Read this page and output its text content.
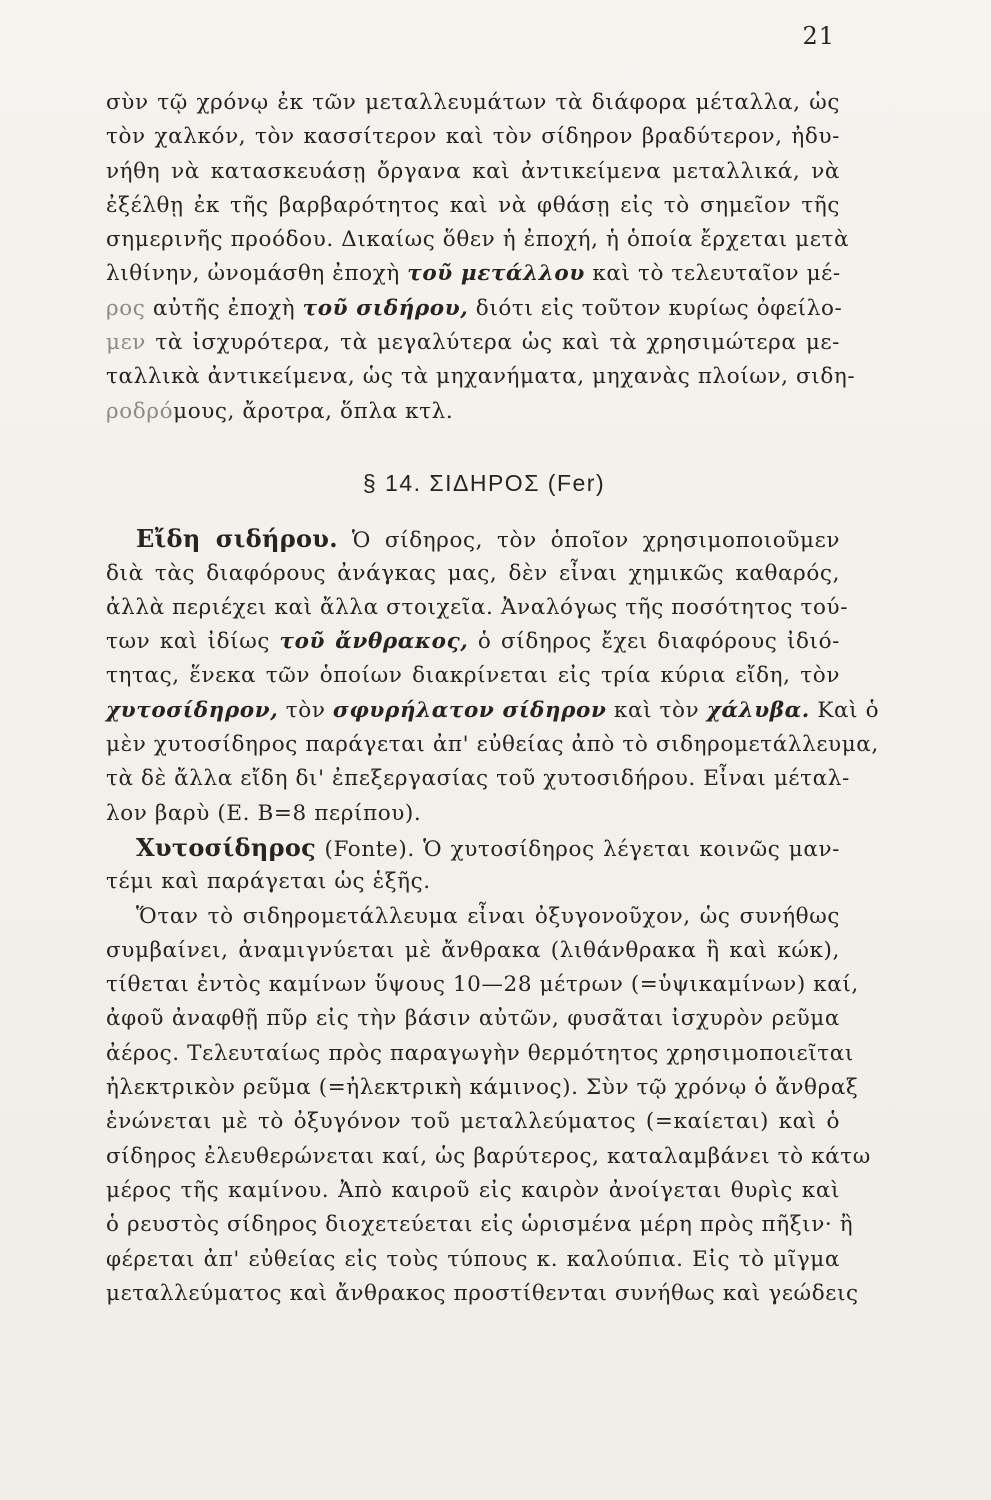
21
σὺν τῷ χρόνῳ ἐκ τῶν μεταλλευμάτων τὰ διάφορα μέταλλα, ὡς
τὸν χαλκόν, τὸν κασσίτερον καὶ τὸν σίδηρον βραδύτερον, ἠδυ-
νήθη νὰ κατασκευάσῃ ὄργανα καὶ ἀντικείμενα μεταλλικά, νὰ
ἐξέλθῃ ἐκ τῆς βαρβαρότητος καὶ νὰ φθάσῃ εἰς τὸ σημεῖον τῆς
σημερινῆς προόδου. Δικαίως ὅθεν ἡ ἐποχή, ἡ ὁποία ἔρχεται μετὰ
λιθίνην, ὠνομάσθη ἐποχὴ τοῦ μετάλλου καὶ τὸ τελευταῖον μέ-
ρος αὐτῆς ἐποχὴ τοῦ σιδήρου, διότι εἰς τοῦτον κυρίως ὀφείλο-
μεν τὰ ἰσχυρότερα, τὰ μεγαλύτερα ὡς καὶ τὰ χρησιμώτερα με-
ταλλικὰ ἀντικείμενα, ὡς τὰ μηχανήματα, μηχανὰς πλοίων, σιδη-
ροδρόμους, ἄροτρα, ὅπλα κτλ.
§ 14. ΣΙΔΗΡΟΣ (Fer)
Εἴδη σιδήρου. Ὁ σίδηρος, τὸν ὁποῖον χρησιμοποιοῦμεν
διὰ τὰς διαφόρους ἀνάγκας μας, δὲν εἶναι χημικῶς καθαρός,
ἀλλὰ περιέχει καὶ ἄλλα στοιχεῖα. Ἀναλόγως τῆς ποσότητος τού-
των καὶ ἰδίως τοῦ ἄνθρακος, ὁ σίδηρος ἔχει διαφόρους ἰδιό-
τητας, ἕνεκα τῶν ὁποίων διακρίνεται εἰς τρία κύρια εἴδη, τὸν
χυτοσίδηρον, τὸν σφυρήλατον σίδηρον καὶ τὸν χάλυβα. Καὶ ὁ
μὲν χυτοσίδηρος παράγεται ἀπ' εὐθείας ἀπὸ τὸ σιδηρομετάλλευμα,
τὰ δὲ ἄλλα εἴδη δι' ἐπεξεργασίας τοῦ χυτοσιδήρου. Εἶναι μέταλ-
λον βαρὺ (Ε. Β=8 περίπου).
Χυτοσίδηρος (Fonte). Ὁ χυτοσίδηρος λέγεται κοινῶς μαν-
τέμι καὶ παράγεται ὡς ἑξῆς.
Ὅταν τὸ σιδηρομετάλλευμα εἶναι ὀξυγονοῦχον, ὡς συνήθως
συμβαίνει, ἀναμιγνύεται μὲ ἄνθρακα (λιθάνθρακα ἢ καὶ κώκ),
τίθεται ἐντὸς καμίνων ὕψους 10—28 μέτρων (=ὑψικαμίνων) καί,
ἀφοῦ ἀναφθῇ πῦρ εἰς τὴν βάσιν αὐτῶν, φυσᾶται ἰσχυρὸν ρεῦμα
ἀέρος. Τελευταίως πρὸς παραγωγὴν θερμότητος χρησιμοποιεῖται
ἠλεκτρικὸν ρεῦμα (=ἠλεκτρικὴ κάμινος). Σὺν τῷ χρόνῳ ὁ ἄνθραξ
ἑνώνεται μὲ τὸ ὀξυγόνον τοῦ μεταλλεύματος (=καίεται) καὶ ὁ
σίδηρος ἐλευθερώνεται καί, ὡς βαρύτερος, καταλαμβάνει τὸ κάτω
μέρος τῆς καμίνου. Ἀπὸ καιροῦ εἰς καιρὸν ἀνοίγεται θυρὶς καὶ
ὁ ρευστὸς σίδηρος διοχετεύεται εἰς ὡρισμένα μέρη πρὸς πῆξιν· ἢ
φέρεται ἀπ' εὐθείας εἰς τοὺς τύπους κ. καλούπια. Εἰς τὸ μῖγμα
μεταλλεύματος καὶ ἄνθρακος προστίθενται συνήθως καὶ γεώδεις
